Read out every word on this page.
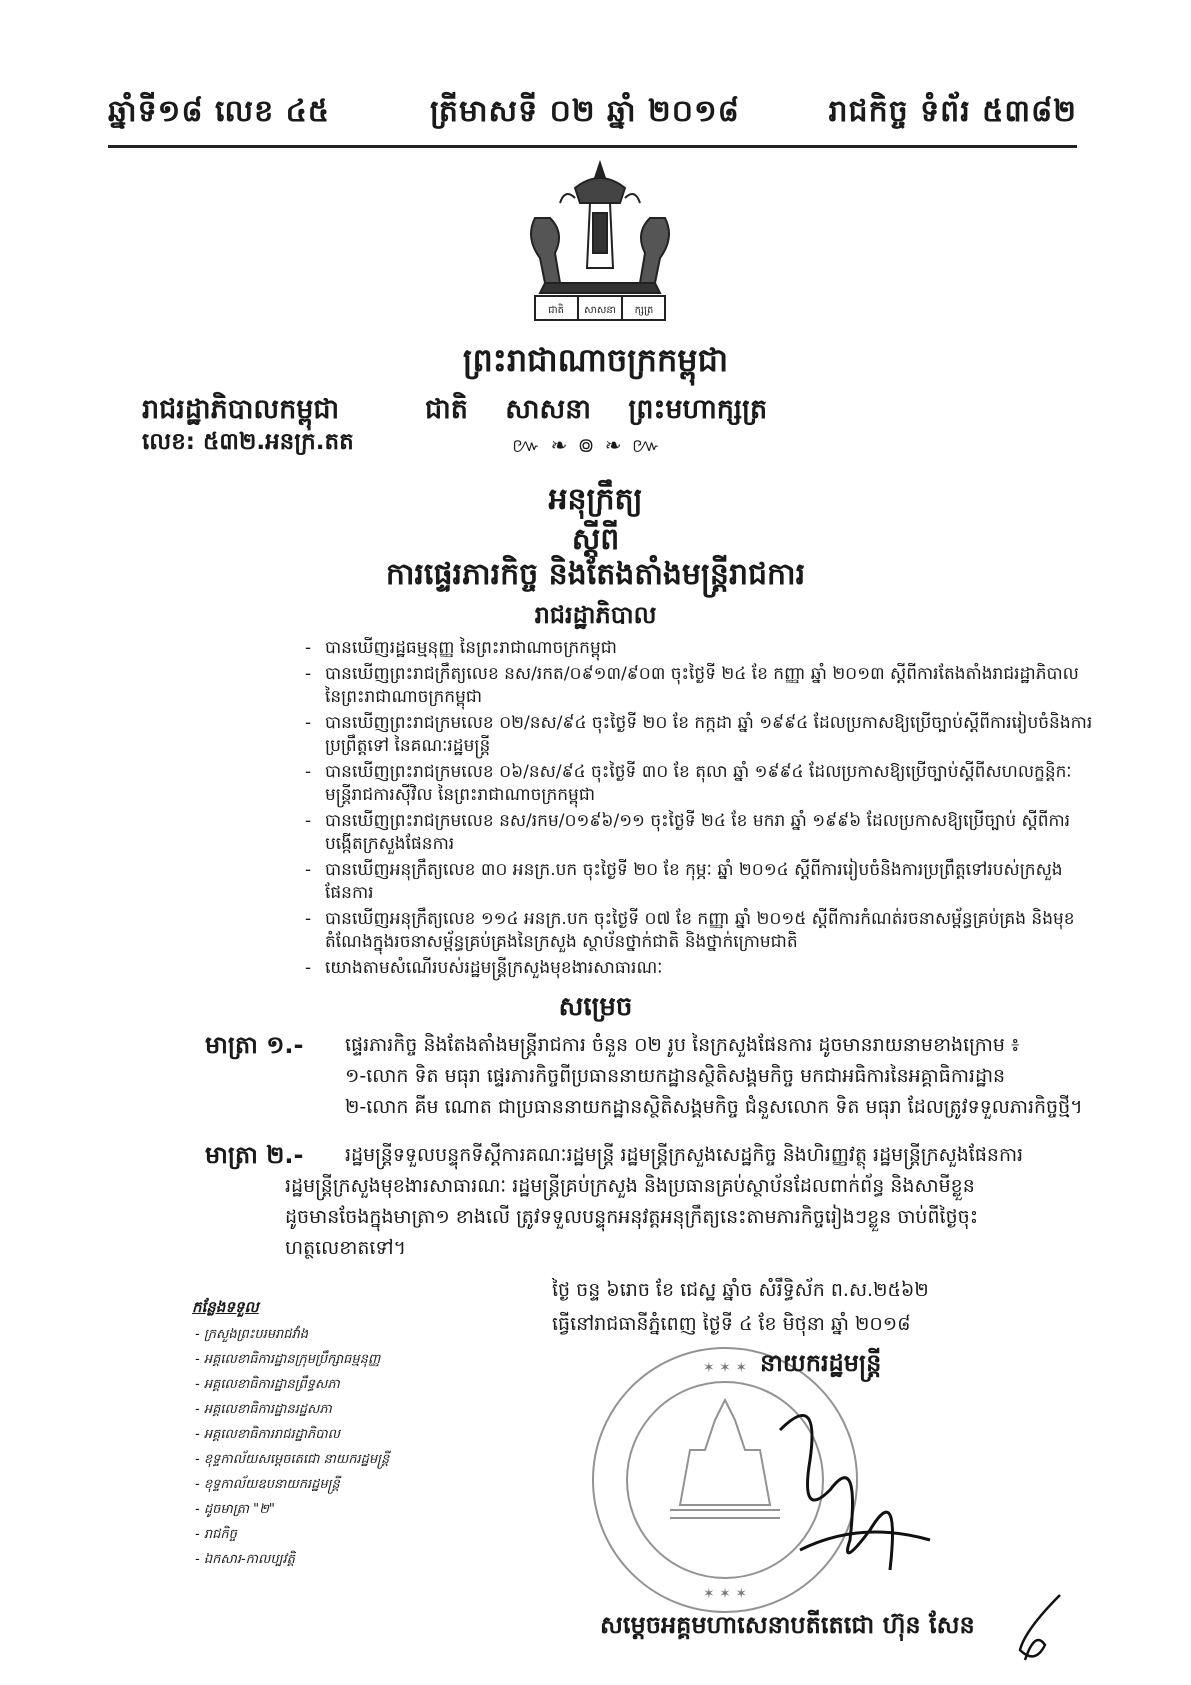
ឆ្នាំទី១៨ លេខ ៤៥	ត្រីមាសទី ០២ ឆ្នាំ ២០១៨	រាជកិច្ច ទំព័រ ៥៣៨២
ជាតិ សាសនា ក្សត្រ
ព្រះរាជាណាចក្រកម្ពុជា
រាជរដ្ឋាភិបាលកម្ពុជា	ជាតិ សាសនា ព្រះមហាក្សត្រ
លេខ: ៥៣២.អនក្រ.តត	៚ ❧ ៙ ❧ ៚
អនុក្រឹត្យ
ស្តីពី
ការផ្ទេរភារកិច្ច និងតែងតាំងមន្ត្រីរាជការ
រាជរដ្ឋាភិបាល
- បានឃើញរដ្ឋធម្មនុញ្ញ នៃព្រះរាជាណាចក្រកម្ពុជា
- បានឃើញព្រះរាជក្រឹត្យលេខ នស/រកត/០៩១៣/៩០៣ ចុះថ្ងៃទី ២៤ ខែ កញ្ញា ឆ្នាំ ២០១៣ ស្តីពីការតែងតាំងរាជរដ្ឋាភិបាល នៃព្រះរាជាណាចក្រកម្ពុជា
- បានឃើញព្រះរាជក្រមលេខ ០២/នស/៩៤ ចុះថ្ងៃទី ២០ ខែ កក្កដា ឆ្នាំ ១៩៩៤ ដែលប្រកាសឱ្យប្រើច្បាប់ស្តីពីការរៀបចំនិងការប្រព្រឹត្តទៅ នៃគណៈរដ្ឋមន្ត្រី
- បានឃើញព្រះរាជក្រមលេខ ០៦/នស/៩៤ ចុះថ្ងៃទី ៣០ ខែ តុលា ឆ្នាំ ១៩៩៤ ដែលប្រកាសឱ្យប្រើច្បាប់ស្តីពីសហលក្ខន្តិកៈមន្ត្រីរាជការស៊ីវិល នៃព្រះរាជាណាចក្រកម្ពុជា
- បានឃើញព្រះរាជក្រមលេខ នស/រកម/០១៩៦/១១ ចុះថ្ងៃទី ២៤ ខែ មករា ឆ្នាំ ១៩៩៦ ដែលប្រកាសឱ្យប្រើច្បាប់ ស្តីពីការបង្កើតក្រសួងផែនការ
- បានឃើញអនុក្រឹត្យលេខ ៣០ អនក្រ.បក ចុះថ្ងៃទី ២០ ខែ កុម្ភៈ ឆ្នាំ ២០១៤ ស្តីពីការរៀបចំនិងការប្រព្រឹត្តទៅរបស់ក្រសួងផែនការ
- បានឃើញអនុក្រឹត្យលេខ ១១៤ អនក្រ.បក ចុះថ្ងៃទី ០៧ ខែ កញ្ញា ឆ្នាំ ២០១៥ ស្តីពីការកំណត់រចនាសម្ព័ន្ធគ្រប់គ្រង និងមុខតំណែងក្នុងរចនាសម្ព័ន្ធគ្រប់គ្រងនៃក្រសួង ស្ថាប័នថ្នាក់ជាតិ និងថ្នាក់ក្រោមជាតិ
- យោងតាមសំណើរបស់រដ្ឋមន្ត្រីក្រសួងមុខងារសាធារណៈ
សម្រេច
មាត្រា ១.- ផ្ទេរភារកិច្ច និងតែងតាំងមន្ត្រីរាជការ ចំនួន ០២ រូប នៃក្រសួងផែនការ ដូចមានរាយនាមខាងក្រោម ៖
១-លោក ទិត មធុរា ផ្ទេរភារកិច្ចពីប្រធាននាយកដ្ឋានស្ថិតិសង្គមកិច្ច មកជាអធិការនៃអគ្គាធិការដ្ឋាន
២-លោក គីម ណោត ជាប្រធាននាយកដ្ឋានស្ថិតិសង្គមកិច្ច ជំនួសលោក ទិត មធុរា ដែលត្រូវទទួលភារកិច្ចថ្មី។
មាត្រា ២.- រដ្ឋមន្ត្រីទទួលបន្ទុកទីស្តីការគណៈរដ្ឋមន្ត្រី រដ្ឋមន្ត្រីក្រសួងសេដ្ឋកិច្ច និងហិរញ្ញវត្ថុ រដ្ឋមន្ត្រីក្រសួងផែនការ
រដ្ឋមន្ត្រីក្រសួងមុខងារសាធារណៈ រដ្ឋមន្ត្រីគ្រប់ក្រសួង និងប្រធានគ្រប់ស្ថាប័នដែលពាក់ព័ន្ធ និងសាមីខ្លួន
ដូចមានចែងក្នុងមាត្រា១ ខាងលើ ត្រូវទទួលបន្ទុកអនុវត្តអនុក្រឹត្យនេះតាមភារកិច្ចរៀងៗខ្លួន ចាប់ពីថ្ងៃចុះ
ហត្ថលេខាតទៅ។
ថ្ងៃ ចន្ទ ៦រោច ខែ ជេស្ឋ ឆ្នាំច សំរឹទ្ធិស័ក ព.ស.២៥៦២
ធ្វើនៅរាជធានីភ្នំពេញ ថ្ងៃទី ៤ ខែ មិថុនា ឆ្នាំ ២០១៨
✶ ✶ ✶
✶ ✶ ✶
នាយករដ្ឋមន្ត្រី
កន្លែងទទួល
- ក្រសួងព្រះបរមរាជវាំង
- អគ្គលេខាធិការដ្ឋានក្រុមប្រឹក្សាធម្មនុញ្ញ
- អគ្គលេខាធិការដ្ឋានព្រឹទ្ធសភា
- អគ្គលេខាធិការដ្ឋានរដ្ឋសភា
- អគ្គលេខាធិការរាជរដ្ឋាភិបាល
- ខុទ្ទកាល័យសម្តេចតេជោ នាយករដ្ឋមន្ត្រី
- ខុទ្ទកាល័យឧបនាយករដ្ឋមន្ត្រី
- ដូចមាត្រា "២"
- រាជកិច្ច
- ឯកសារ-កាលប្បវត្តិ
សម្តេចអគ្គមហាសេនាបតីតេជោ ហ៊ុន សែន
